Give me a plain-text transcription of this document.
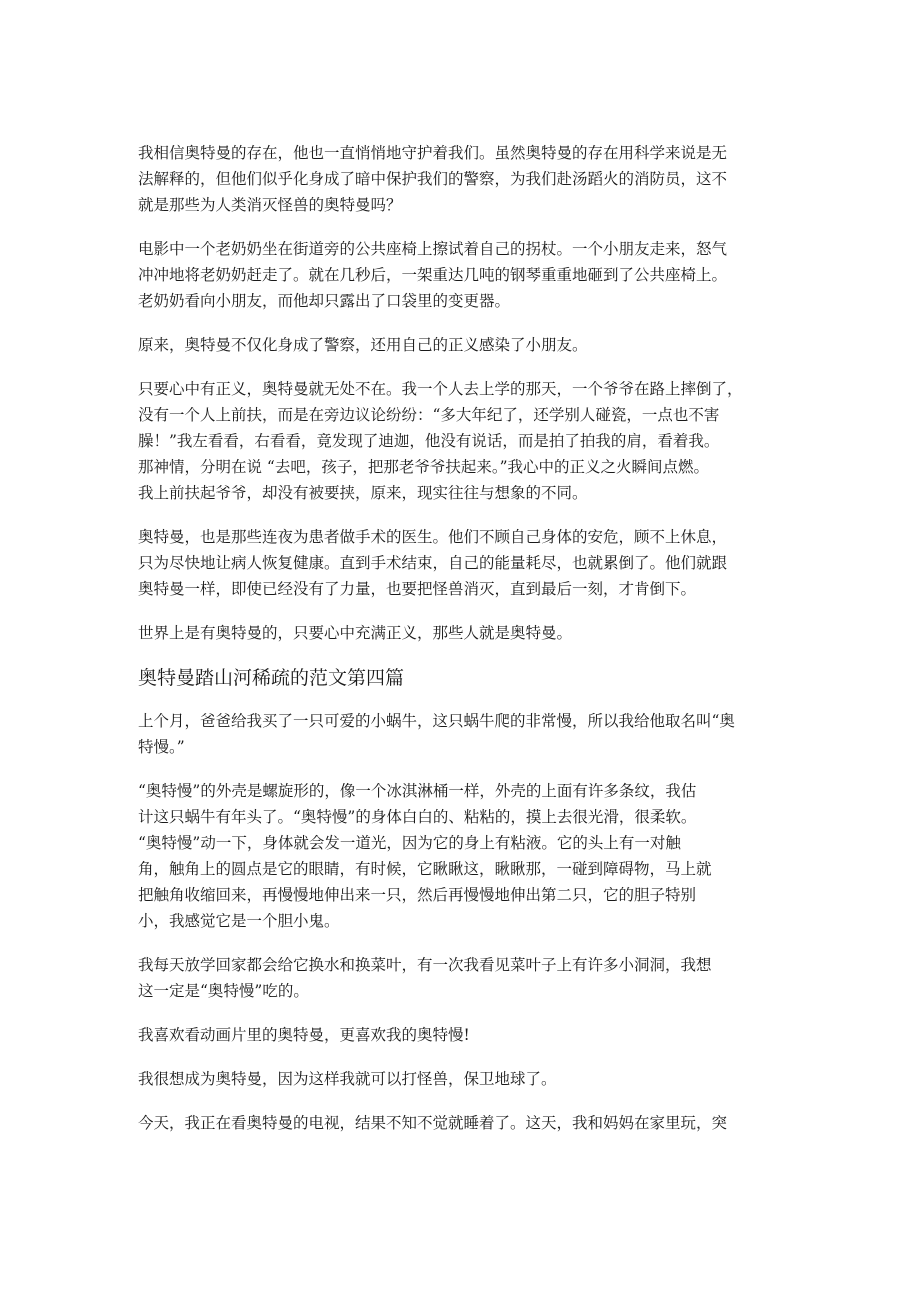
我相信奥特曼的存在，他也一直悄悄地守护着我们。虽然奥特曼的存在用科学来说是无
法解释的，但他们似乎化身成了暗中保护我们的警察，为我们赴汤蹈火的消防员，这不
就是那些为人类消灭怪兽的奥特曼吗？

电影中一个老奶奶坐在街道旁的公共座椅上擦试着自己的拐杖。一个小朋友走来，怒气
冲冲地将老奶奶赶走了。就在几秒后，一架重达几吨的钢琴重重地砸到了公共座椅上。
老奶奶看向小朋友，而他却只露出了口袋里的变更器。

原来，奥特曼不仅化身成了警察，还用自己的正义感染了小朋友。

只要心中有正义，奥特曼就无处不在。我一个人去上学的那天，一个爷爷在路上摔倒了，
没有一个人上前扶，而是在旁边议论纷纷：“多大年纪了，还学别人碰瓷，一点也不害
臊！”我左看看，右看看，竟发现了迪迦，他没有说话，而是拍了拍我的肩，看着我。
那神情，分明在说 “去吧，孩子，把那老爷爷扶起来。”我心中的正义之火瞬间点燃。
我上前扶起爷爷，却没有被要挟，原来，现实往往与想象的不同。

奥特曼，也是那些连夜为患者做手术的医生。他们不顾自己身体的安危，顾不上休息，
只为尽快地让病人恢复健康。直到手术结束，自己的能量耗尽，也就累倒了。他们就跟
奥特曼一样，即使已经没有了力量，也要把怪兽消灭，直到最后一刻，才肯倒下。

世界上是有奥特曼的，只要心中充满正义，那些人就是奥特曼。

奥特曼踏山河稀疏的范文第四篇

上个月，爸爸给我买了一只可爱的小蜗牛，这只蜗牛爬的非常慢，所以我给他取名叫“奥
特慢。”

“奥特慢”的外壳是螺旋形的，像一个冰淇淋桶一样，外壳的上面有许多条纹，我估
计这只蜗牛有年头了。“奥特慢”的身体白白的、粘粘的，摸上去很光滑，很柔软。
“奥特慢”动一下，身体就会发一道光，因为它的身上有粘液。它的头上有一对触
角，触角上的圆点是它的眼睛，有时候，它瞅瞅这，瞅瞅那，一碰到障碍物，马上就
把触角收缩回来，再慢慢地伸出来一只，然后再慢慢地伸出第二只，它的胆子特别
小，我感觉它是一个胆小鬼。

我每天放学回家都会给它换水和换菜叶，有一次我看见菜叶子上有许多小洞洞，我想
这一定是“奥特慢”吃的。

我喜欢看动画片里的奥特曼，更喜欢我的奥特慢!

我很想成为奥特曼，因为这样我就可以打怪兽，保卫地球了。

今天，我正在看奥特曼的电视，结果不知不觉就睡着了。这天，我和妈妈在家里玩，突
